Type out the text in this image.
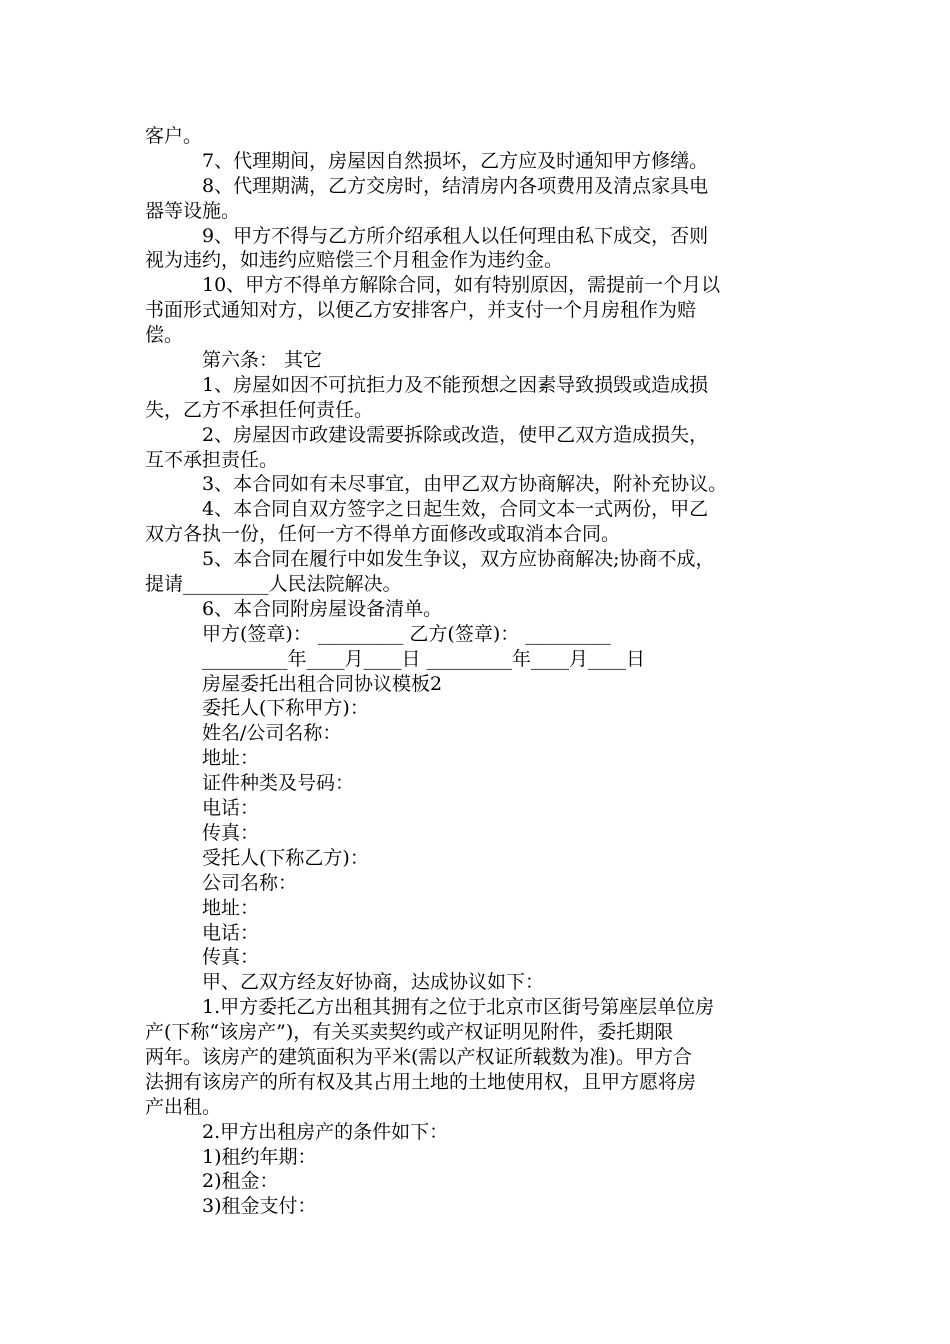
客户。
7、代理期间，房屋因自然损坏，乙方应及时通知甲方修缮。
8、代理期满，乙方交房时，结清房内各项费用及清点家具电
器等设施。
9、甲方不得与乙方所介绍承租人以任何理由私下成交，否则
视为违约，如违约应赔偿三个月租金作为违约金。
10、甲方不得单方解除合同，如有特别原因，需提前一个月以
书面形式通知对方，以便乙方安排客户，并支付一个月房租作为赔
偿。
第六条： 其它
1、房屋如因不可抗拒力及不能预想之因素导致损毁或造成损
失，乙方不承担任何责任。
2、房屋因市政建设需要拆除或改造，使甲乙双方造成损失，
互不承担责任。
3、本合同如有未尽事宜，由甲乙双方协商解决，附补充协议。
4、本合同自双方签字之日起生效，合同文本一式两份，甲乙
双方各执一份，任何一方不得单方面修改或取消本合同。
5、本合同在履行中如发生争议，双方应协商解决;协商不成，
提请_________人民法院解决。
6、本合同附房屋设备清单。
甲方(签章)： _________ 乙方(签章)： _________
_________年____月____日 _________年____月____日
房屋委托出租合同协议模板2
委托人(下称甲方)：
姓名/公司名称：
地址：
证件种类及号码：
电话：
传真：
受托人(下称乙方)：
公司名称：
地址：
电话：
传真：
甲、乙双方经友好协商，达成协议如下：
1.甲方委托乙方出租其拥有之位于北京市区街号第座层单位房
产(下称“该房产”)，有关买卖契约或产权证明见附件，委托期限
两年。该房产的建筑面积为平米(需以产权证所载数为准)。甲方合
法拥有该房产的所有权及其占用土地的土地使用权，且甲方愿将房
产出租。
2.甲方出租房产的条件如下：
1)租约年期：
2)租金：
3)租金支付：
